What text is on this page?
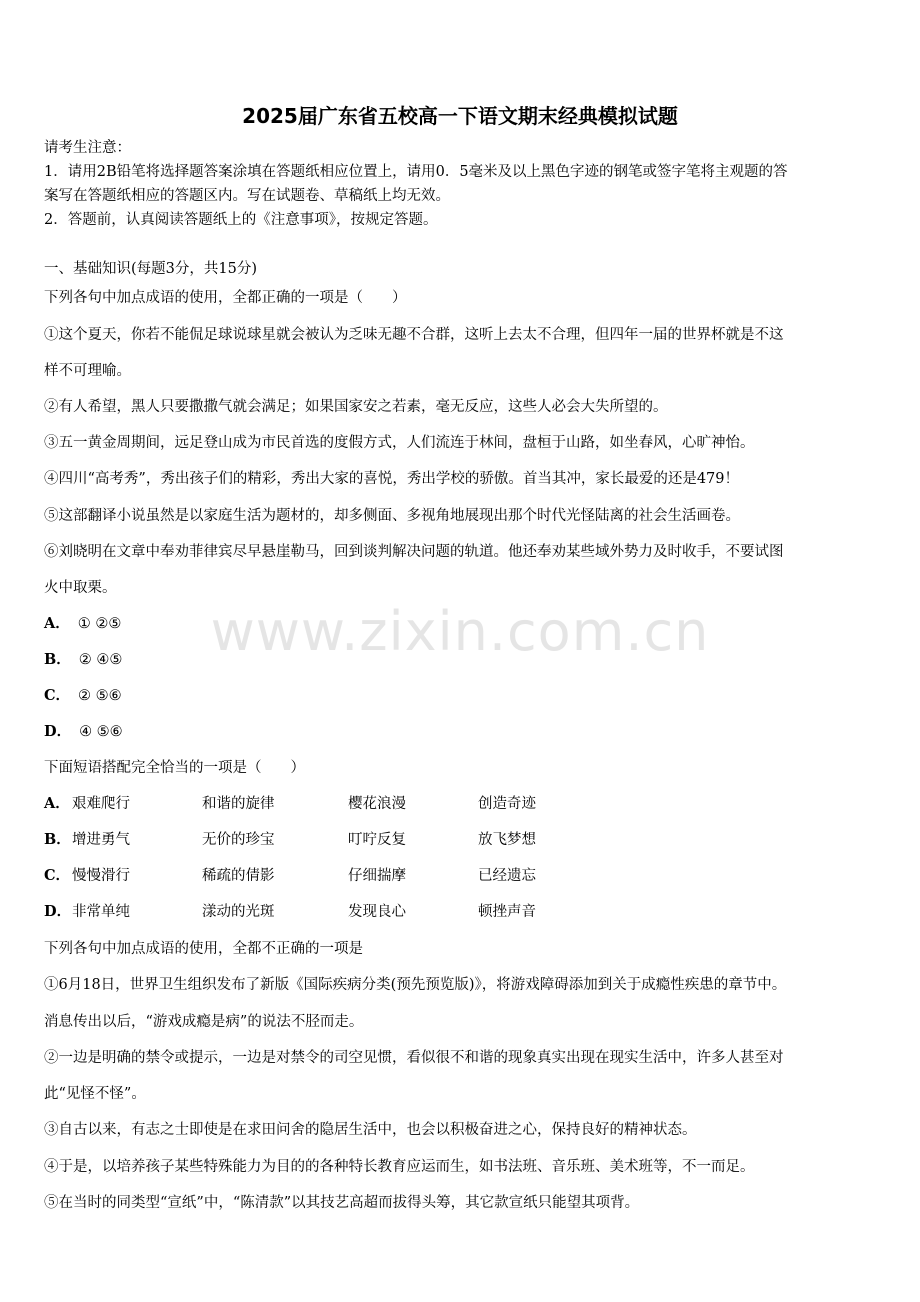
2025届广东省五校高一下语文期末经典模拟试题
请考生注意：
1．请用2B铅笔将选择题答案涂填在答题纸相应位置上，请用0．5毫米及以上黑色字迹的钢笔或签字笔将主观题的答
案写在答题纸相应的答题区内。写在试题卷、草稿纸上均无效。
2．答题前，认真阅读答题纸上的《注意事项》，按规定答题。
一、基础知识(每题3分，共15分)
下列各句中加点成语的使用，全都正确的一项是（　　）
①这个夏天，你若不能侃足球说球星就会被认为乏味无趣不合群，这听上去太不合理，但四年一届的世界杯就是不这
样不可理喻。
②有人希望，黑人只要撒撒气就会满足；如果国家安之若素，毫无反应，这些人必会大失所望的。
③五一黄金周期间，远足登山成为市民首选的度假方式，人们流连于林间，盘桓于山路，如坐春风，心旷神怡。
④四川“高考秀”，秀出孩子们的精彩，秀出大家的喜悦，秀出学校的骄傲。首当其冲，家长最爱的还是479！
⑤这部翻译小说虽然是以家庭生活为题材的，却多侧面、多视角地展现出那个时代光怪陆离的社会生活画卷。
⑥刘晓明在文章中奉劝菲律宾尽早悬崖勒马，回到谈判解决问题的轨道。他还奉劝某些域外势力及时收手，不要试图
火中取栗。
A． ① ②⑤
B． ② ④⑤
C． ② ⑤⑥
D． ④ ⑤⑥
下面短语搭配完全恰当的一项是（　　）
A． 艰难爬行	和谐的旋律	樱花浪漫	创造奇迹
B． 增进勇气	无价的珍宝	叮咛反复	放飞梦想
C． 慢慢滑行	稀疏的倩影	仔细揣摩	已经遗忘
D． 非常单纯	漾动的光斑	发现良心	顿挫声音
下列各句中加点成语的使用，全都不正确的一项是
①6月18日，世界卫生组织发布了新版《国际疾病分类(预先预览版)》，将游戏障碍添加到关于成瘾性疾患的章节中。
消息传出以后，“游戏成瘾是病”的说法不胫而走。
②一边是明确的禁令或提示，一边是对禁令的司空见惯，看似很不和谐的现象真实出现在现实生活中，许多人甚至对
此“见怪不怪”。
③自古以来，有志之士即使是在求田问舍的隐居生活中，也会以积极奋进之心，保持良好的精神状态。
④于是，以培养孩子某些特殊能力为目的的各种特长教育应运而生，如书法班、音乐班、美术班等，不一而足。
⑤在当时的同类型“宣纸”中，“陈清款”以其技艺高超而拔得头筹，其它款宣纸只能望其项背。
www.zixin.com.cn
